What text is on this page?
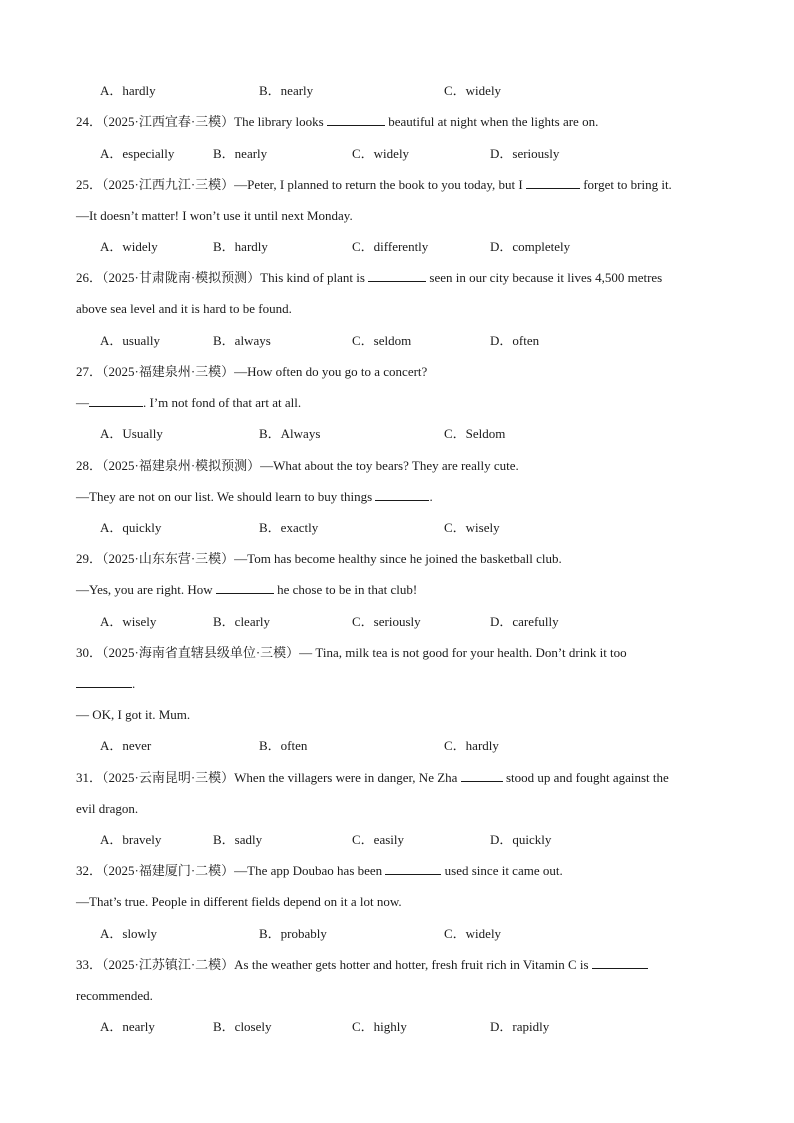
A．hardly	B．nearly	C．widely
24．（2025·江西宜春·三模）The library looks	beautiful at night when the lights are on.
A．especially	B．nearly	C．widely	D．seriously
25．（2025·江西九江·三模）—Peter, I planned to return the book to you today, but I	forget to bring it.
—It doesn’t matter! I won’t use it until next Monday.
A．widely	B．hardly	C．differently	D．completely
26．（2025·甘肃陇南·模拟预测）This kind of plant is	seen in our city because it lives 4,500 metres
above sea level and it is hard to be found.
A．usually	B．always	C．seldom	D．often
27．（2025·福建泉州·三模）—How often do you go to a concert?
—	. I’m not fond of that art at all.
A．Usually	B．Always	C．Seldom
28．（2025·福建泉州·模拟预测）—What about the toy bears? They are really cute.
—They are not on our list. We should learn to buy things	.
A．quickly	B．exactly	C．wisely
29．（2025·山东东营·三模）—Tom has become healthy since he joined the basketball club.
—Yes, you are right. How	he chose to be in that club!
A．wisely	B．clearly	C．seriously	D．carefully
30．（2025·海南省直辖县级单位·三模）— Tina, milk tea is not good for your health. Don’t drink it too
.
— OK, I got it. Mum.
A．never	B．often	C．hardly
31．（2025·云南昆明·三模）When the villagers were in danger, Ne Zha	stood up and fought against the
evil dragon.
A．bravely	B．sadly	C．easily	D．quickly
32．（2025·福建厦门·二模）—The app Doubao has been	used since it came out.
—That’s true. People in different fields depend on it a lot now.
A．slowly	B．probably	C．widely
33．（2025·江苏镇江·二模）As the weather gets hotter and hotter, fresh fruit rich in Vitamin C is
recommended.
A．nearly	B．closely	C．highly	D．rapidly
